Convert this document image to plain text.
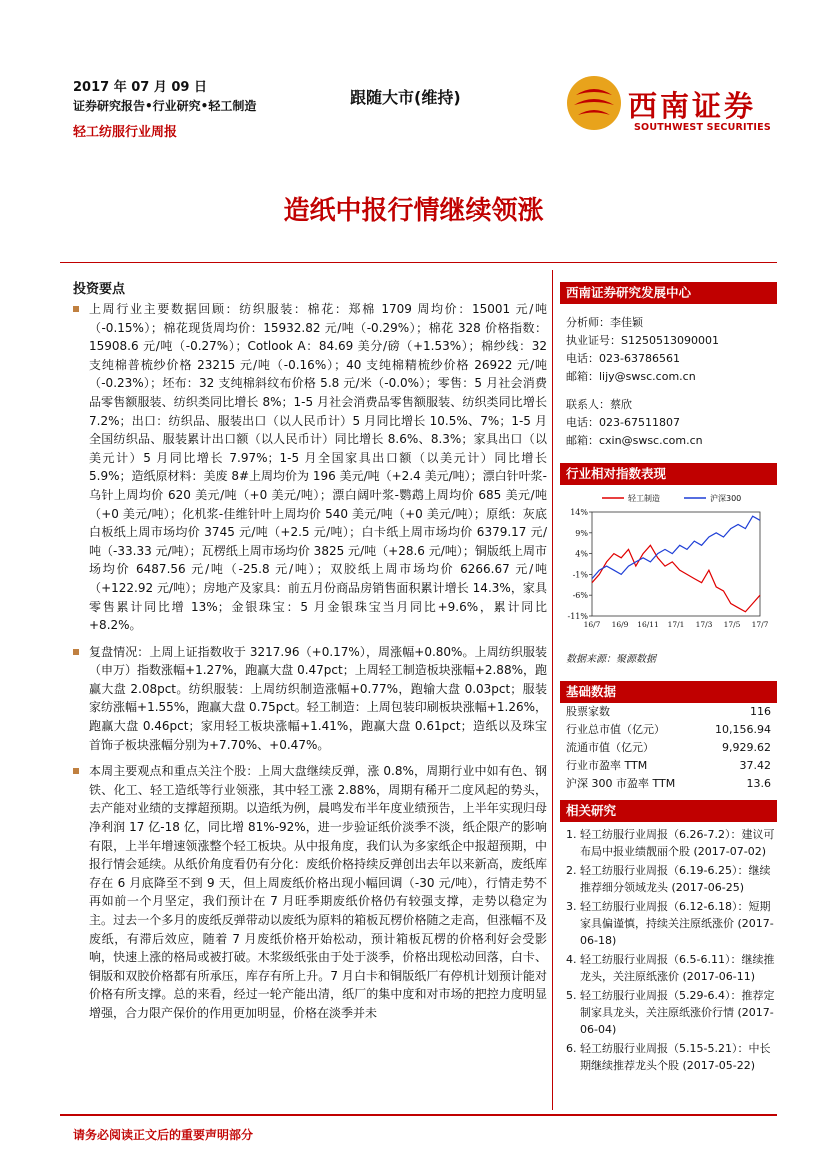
2017 年 07 月 09 日
证券研究报告•行业研究•轻工制造
轻工纺服行业周报
跟随大市(维持)	西南证券
SOUTHWEST SECURITIES
造纸中报行情继续领涨
投资要点

上周行业主要数据回顾：纺织服装：棉花：郑棉 1709 周均价：15001 元/吨（-0.15%）；棉花现货周均价：15932.82 元/吨（-0.29%）；棉花 328 价格指数：15908.6 元/吨（-0.27%）；Cotlook A：84.69 美分/磅（+1.53%）；棉纱线：32 支纯棉普梳纱价格 23215 元/吨（-0.16%）；40 支纯棉精梳纱价格 26922 元/吨（-0.23%）；坯布：32 支纯棉斜纹布价格 5.8 元/米（-0.0%）；零售：5 月社会消费品零售额服装、纺织类同比增长 8%；1-5 月社会消费品零售额服装、纺织类同比增长 7.2%；出口：纺织品、服装出口（以人民币计）5 月同比增长 10.5%、7%；1-5 月全国纺织品、服装累计出口额（以人民币计）同比增长 8.6%、8.3%；家具出口（以美元计）5 月同比增长 7.97%；1-5 月全国家具出口额（以美元计）同比增长 5.9%；造纸原材料：美废 8#上周均价为 196 美元/吨（+2.4 美元/吨）；漂白针叶浆-乌针上周均价 620 美元/吨（+0 美元/吨）；漂白阔叶浆-鹦鹉上周均价 685 美元/吨（+0 美元/吨）；化机浆-佳维针叶上周均价 540 美元/吨（+0 美元/吨）；原纸：灰底白板纸上周市场均价 3745 元/吨（+2.5 元/吨）；白卡纸上周市场均价 6379.17 元/吨（-33.33 元/吨）；瓦楞纸上周市场均价 3825 元/吨（+28.6 元/吨）；铜版纸上周市场均价 6487.56 元/吨（-25.8 元/吨）；双胶纸上周市场均价 6266.67 元/吨（+122.92 元/吨）；房地产及家具：前五月份商品房销售面积累计增长 14.3%，家具零售累计同比增 13%；金银珠宝：5 月金银珠宝当月同比+9.6%，累计同比+8.2%。

复盘情况：上周上证指数收于 3217.96（+0.17%），周涨幅+0.80%。上周纺织服装（申万）指数涨幅+1.27%，跑赢大盘 0.47pct；上周轻工制造板块涨幅+2.88%，跑赢大盘 2.08pct。纺织服装：上周纺织制造涨幅+0.77%，跑输大盘 0.03pct；服装家纺涨幅+1.55%，跑赢大盘 0.75pct。轻工制造：上周包装印刷板块涨幅+1.26%，跑赢大盘 0.46pct；家用轻工板块涨幅+1.41%，跑赢大盘 0.61pct；造纸以及珠宝首饰子板块涨幅分别为+7.70%、+0.47%。

本周主要观点和重点关注个股：上周大盘继续反弹，涨 0.8%，周期行业中如有色、钢铁、化工、轻工造纸等行业领涨，其中轻工涨 2.88%，周期有稀开二度风起的势头，去产能对业绩的支撑超预期。以造纸为例，晨鸣发布半年度业绩预告，上半年实现归母净利润 17 亿-18 亿，同比增 81%-92%，进一步验证纸价淡季不淡，纸企限产的影响有限，上半年增速领涨整个轻工板块。从中报角度，我们认为多家纸企中报超预期，中报行情会延续。从纸价角度看仍有分化：废纸价格持续反弹创出去年以来新高，废纸库存在 6 月底降至不到 9 天，但上周废纸价格出现小幅回调（-30 元/吨），行情走势不再如前一个月坚定，我们预计在 7 月旺季期废纸价格仍有较强支撑，走势以稳定为主。过去一个多月的废纸反弹带动以废纸为原料的箱板瓦楞价格随之走高，但涨幅不及废纸，有滞后效应，随着 7 月废纸价格开始松动，预计箱板瓦楞的价格利好会受影响，快速上涨的格局或被打破。木浆级纸张由于处于淡季，价格出现松动回落，白卡、铜版和双胶价格都有所承压，库存有所上升。7 月白卡和铜版纸厂有停机计划预计能对价格有所支撑。总的来看，经过一轮产能出清，纸厂的集中度和对市场的把控力度明显增强，合力限产保价的作用更加明显，价格在淡季并未

西南证券研究发展中心
分析师：李佳颖
执业证号：S1250513090001
电话：023-63786561
邮箱：lijy@swsc.com.cn
联系人：蔡欣
电话：023-67511807
邮箱：cxin@swsc.com.cn
行业相对指数表现
14%
9%
4%
-1%
-6%
-11%
16/7 16/9 16/11 17/1 17/3 17/5 17/7
轻工制造	沪深300
数据来源：聚源数据
基础数据
股票家数	116
行业总市值（亿元）	10,156.94
流通市值（亿元）	9,929.62
行业市盈率 TTM	37.42
沪深 300 市盈率 TTM	13.6
相关研究
1. 轻工纺服行业周报（6.26-7.2）：建议可布局中报业绩靓丽个股 (2017-07-02)
2. 轻工纺服行业周报（6.19-6.25）：继续推荐细分领域龙头 (2017-06-25)
3. 轻工纺服行业周报（6.12-6.18）：短期家具偏谨慎，持续关注原纸涨价 (2017-06-18)
4. 轻工纺服行业周报（6.5-6.11）：继续推龙头，关注原纸涨价 (2017-06-11)
5. 轻工纺服行业周报（5.29-6.4）：推荐定制家具龙头，关注原纸涨价行情 (2017-06-04)
6. 轻工纺服行业周报（5.15-5.21）：中长期继续推荐龙头个股 (2017-05-22)
请务必阅读正文后的重要声明部分
